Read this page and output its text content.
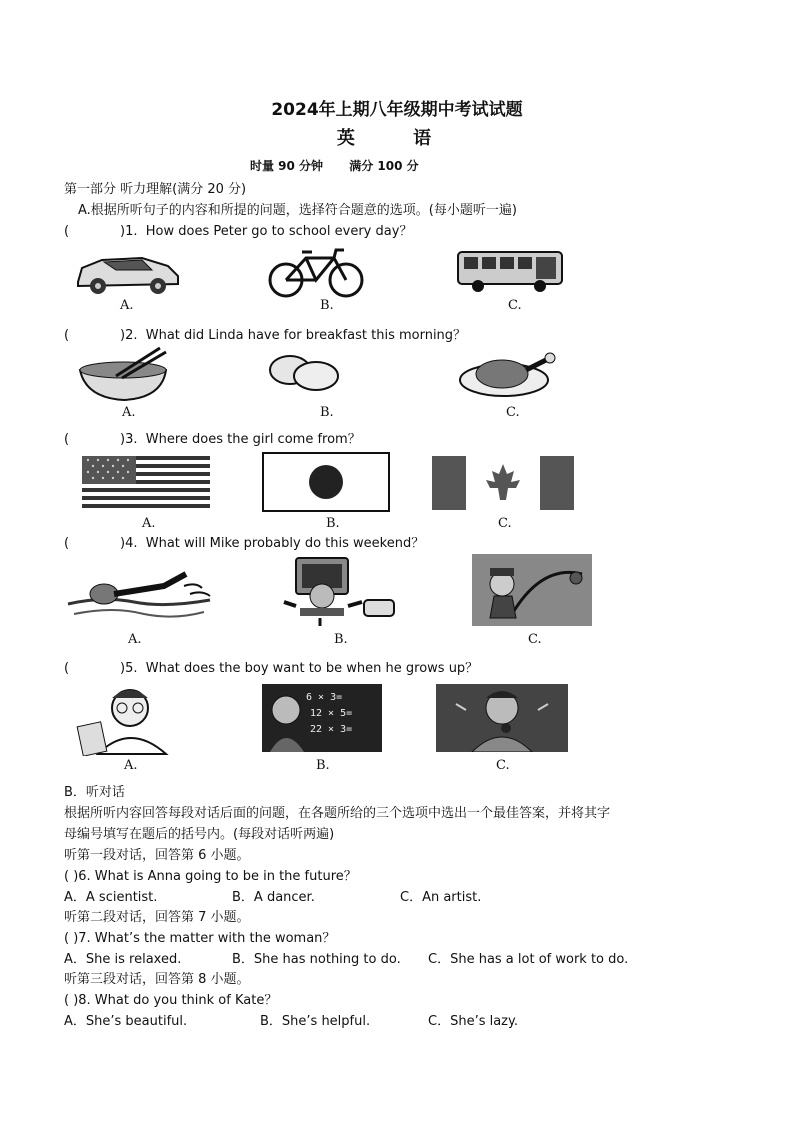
2024年上期八年级期中考试试题
英 语
时量 90 分钟 满分 100 分
第一部分 听力理解(满分 20 分)
A.根据所听句子的内容和所提的问题，选择符合题意的选项。(每小题听一遍)
(	)1. How does Peter go to school every day？
A.	B.	C.
(	)2. What did Linda have for breakfast this morning？
A.	B.	C.
(	)3. Where does the girl come from？
A.	B.	C.
(	)4. What will Mike probably do this weekend？
A.	B.	C.
(	)5. What does the boy want to be when he grows up？
6 × 3=
12 × 5=
22 × 3=
A.	B.	C.
B．听对话
根据所听内容回答每段对话后面的问题，在各题所给的三个选项中选出一个最佳答案，并将其字
母编号填写在题后的括号内。(每段对话听两遍)
听第一段对话，回答第 6 小题。
( )6. What is Anna going to be in the future？
A．A scientist.	B．A dancer.	C．An artist.
听第二段对话，回答第 7 小题。
( )7. What’s the matter with the woman？
A．She is relaxed.	B．She has nothing to do. C．She has a lot of work to do.
听第三段对话，回答第 8 小题。
( )8. What do you think of Kate？
A．She’s beautiful.	B．She’s helpful.	C．She’s lazy.
